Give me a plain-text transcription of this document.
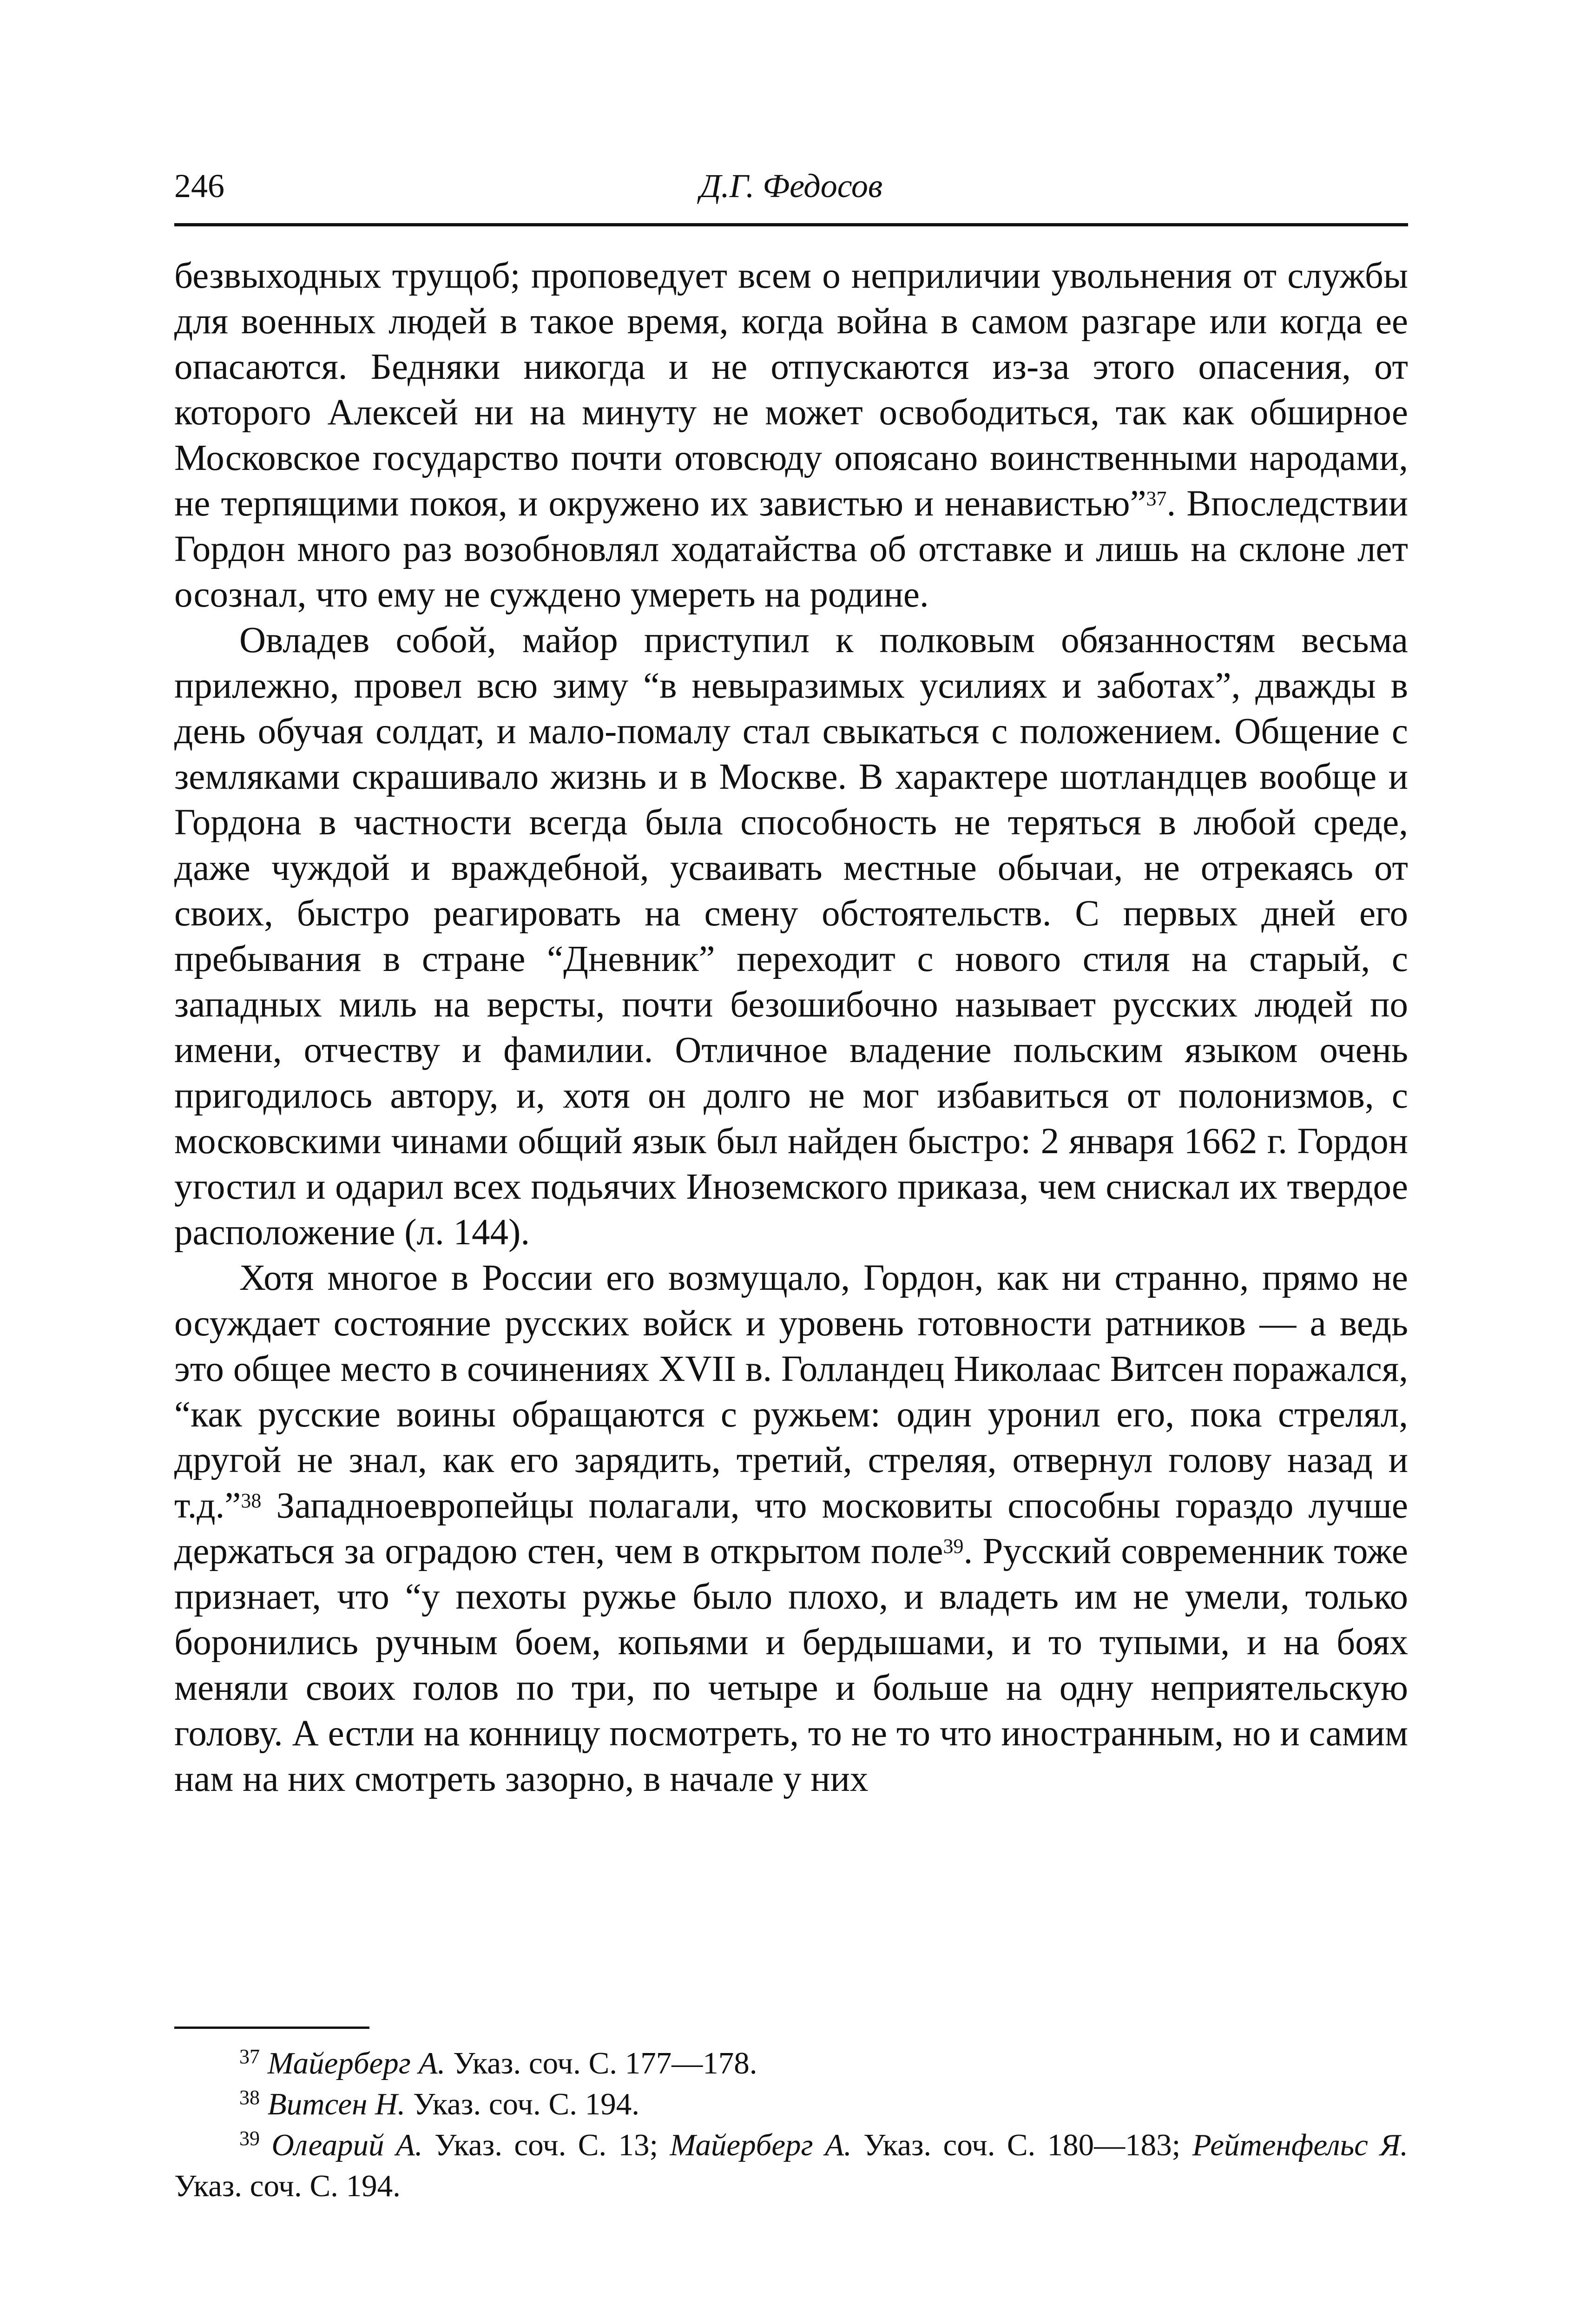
246	Д.Г. Федосов

безвыходных трущоб; проповедует всем о неприличии увольнения от службы для военных людей в такое время, когда война в самом разгаре или когда ее опасаются. Бедняки никогда и не отпускаются из-за этого опасения, от которого Алексей ни на минуту не может освободиться, так как обширное Московское государство почти отовсюду опоясано воинственными народами, не терпящими покоя, и окружено их завистью и ненавистью”$^{37}$. Впоследствии Гордон много раз возобновлял ходатайства об отставке и лишь на склоне лет осознал, что ему не суждено умереть на родине.

Овладев собой, майор приступил к полковым обязанностям весьма прилежно, провел всю зиму “в невыразимых усилиях и заботах”, дважды в день обучая солдат, и мало-помалу стал свыкаться с положением. Общение с земляками скрашивало жизнь и в Москве. В характере шотландцев вообще и Гордона в частности всегда была способность не теряться в любой среде, даже чуждой и враждебной, усваивать местные обычаи, не отрекаясь от своих, быстро реагировать на смену обстоятельств. С первых дней его пребывания в стране “Дневник” переходит с нового стиля на старый, с западных миль на версты, почти безошибочно называет русских людей по имени, отчеству и фамилии. Отличное владение польским языком очень пригодилось автору, и, хотя он долго не мог избавиться от полонизмов, с московскими чинами общий язык был найден быстро: 2 января 1662 г. Гордон угостил и одарил всех подьячих Иноземского приказа, чем снискал их твердое расположение (л. 144).

Хотя многое в России его возмущало, Гордон, как ни странно, прямо не осуждает состояние русских войск и уровень готовности ратников — а ведь это общее место в сочинениях XVII в. Голландец Николаас Витсен поражался, “как русские воины обращаются с ружьем: один уронил его, пока стрелял, другой не знал, как его зарядить, третий, стреляя, отвернул голову назад и т.д.”$^{38}$ Западноевропейцы полагали, что московиты способны гораздо лучше держаться за оградою стен, чем в открытом поле$^{39}$. Русский современник тоже признает, что “у пехоты ружье было плохо, и владеть им не умели, только боронились ручным боем, копьями и бердышами, и то тупыми, и на боях меняли своих голов по три, по четыре и больше на одну неприятельскую голову. А естли на конницу посмотреть, то не то что иностранным, но и самим нам на них смотреть зазорно, в начале у них

$^{37}$ Майерберг А. Указ. соч. С. 177—178.

$^{38}$ Витсен Н. Указ. соч. С. 194.

$^{39}$ Олеарий А. Указ. соч. С. 13; Майерберг А. Указ. соч. С. 180—183; Рейтенфельс Я. Указ. соч. С. 194.
